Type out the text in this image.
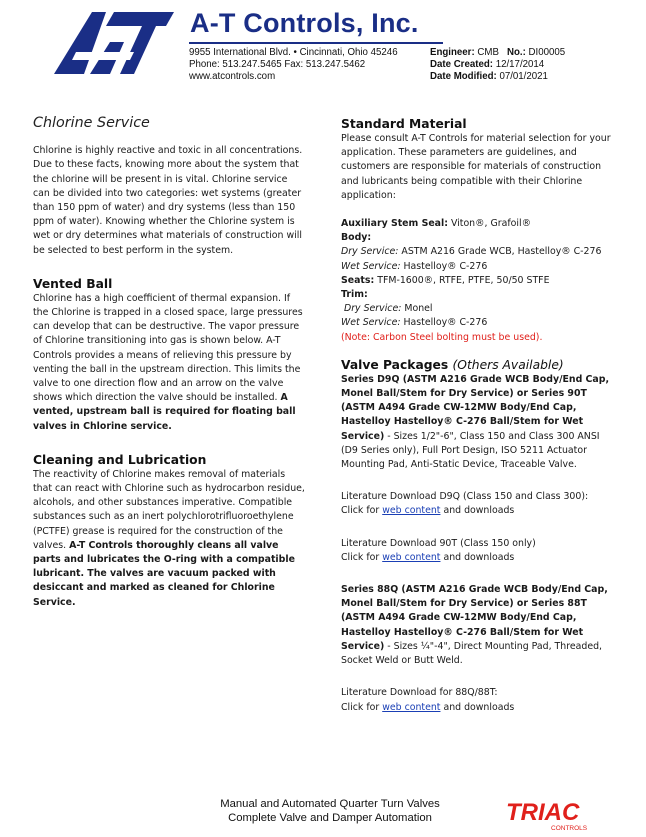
A-T Controls, Inc.
9955 International Blvd. • Cincinnati, Ohio 45246
Phone: 513.247.5465 Fax: 513.247.5462
www.atcontrols.com
Engineer: CMB No.: DI00005
Date Created: 12/17/2014
Date Modified: 07/01/2021
Chlorine Service

Chlorine is highly reactive and toxic in all concentrations. Due to these facts, knowing more about the system that the chlorine will be present in is vital. Chlorine service can be divided into two categories: wet systems (greater than 150 ppm of water) and dry systems (less than 150 ppm of water). Knowing whether the Chlorine system is wet or dry determines what materials of construction will be selected to best perform in the system.

Vented Ball

Chlorine has a high coefficient of thermal expansion. If the Chlorine is trapped in a closed space, large pressures can develop that can be destructive. The vapor pressure of Chlorine transitioning into gas is shown below. A-T Controls provides a means of relieving this pressure by venting the ball in the upstream direction. This limits the valve to one direction flow and an arrow on the valve shows which direction the valve should be installed. A vented, upstream ball is required for floating ball valves in Chlorine service.

Cleaning and Lubrication

The reactivity of Chlorine makes removal of materials that can react with Chlorine such as hydrocarbon residue, alcohols, and other substances imperative. Compatible substances such as an inert polychlorotrifluoroethylene (PCTFE) grease is required for the construction of the valves. A-T Controls thoroughly cleans all valve parts and lubricates the O-ring with a compatible lubricant. The valves are vacuum packed with desiccant and marked as cleaned for Chlorine Service.

Standard Material

Please consult A-T Controls for material selection for your application. These parameters are guidelines, and customers are responsible for materials of construction and lubricants being compatible with their Chlorine application:

Auxiliary Stem Seal: Viton®, Grafoil®
Body:
Dry Service: ASTM A216 Grade WCB, Hastelloy® C-276
Wet Service: Hastelloy® C-276
Seats: TFM-1600®, RTFE, PTFE, 50/50 STFE
Trim:
Dry Service: Monel
Wet Service: Hastelloy® C-276
(Note: Carbon Steel bolting must be used).
Valve Packages (Others Available)

Series D9Q (ASTM A216 Grade WCB Body/End Cap, Monel Ball/Stem for Dry Service) or Series 90T (ASTM A494 Grade CW-12MW Body/End Cap, Hastelloy Hastelloy® C-276 Ball/Stem for Wet Service) - Sizes 1/2"-6", Class 150 and Class 300 ANSI (D9 Series only), Full Port Design, ISO 5211 Actuator Mounting Pad, Anti-Static Device, Traceable Valve.

Literature Download D9Q (Class 150 and Class 300):
Click for web content and downloads
Literature Download 90T (Class 150 only)
Click for web content and downloads

Series 88Q (ASTM A216 Grade WCB Body/End Cap, Monel Ball/Stem for Dry Service) or Series 88T (ASTM A494 Grade CW-12MW Body/End Cap, Hastelloy Hastelloy® C-276 Ball/Stem for Wet Service) - Sizes ¼"-4", Direct Mounting Pad, Threaded, Socket Weld or Butt Weld.

Literature Download for 88Q/88T:
Click for web content and downloads
Manual and Automated Quarter Turn Valves
Complete Valve and Damper Automation	TRIAC
CONTROLS
